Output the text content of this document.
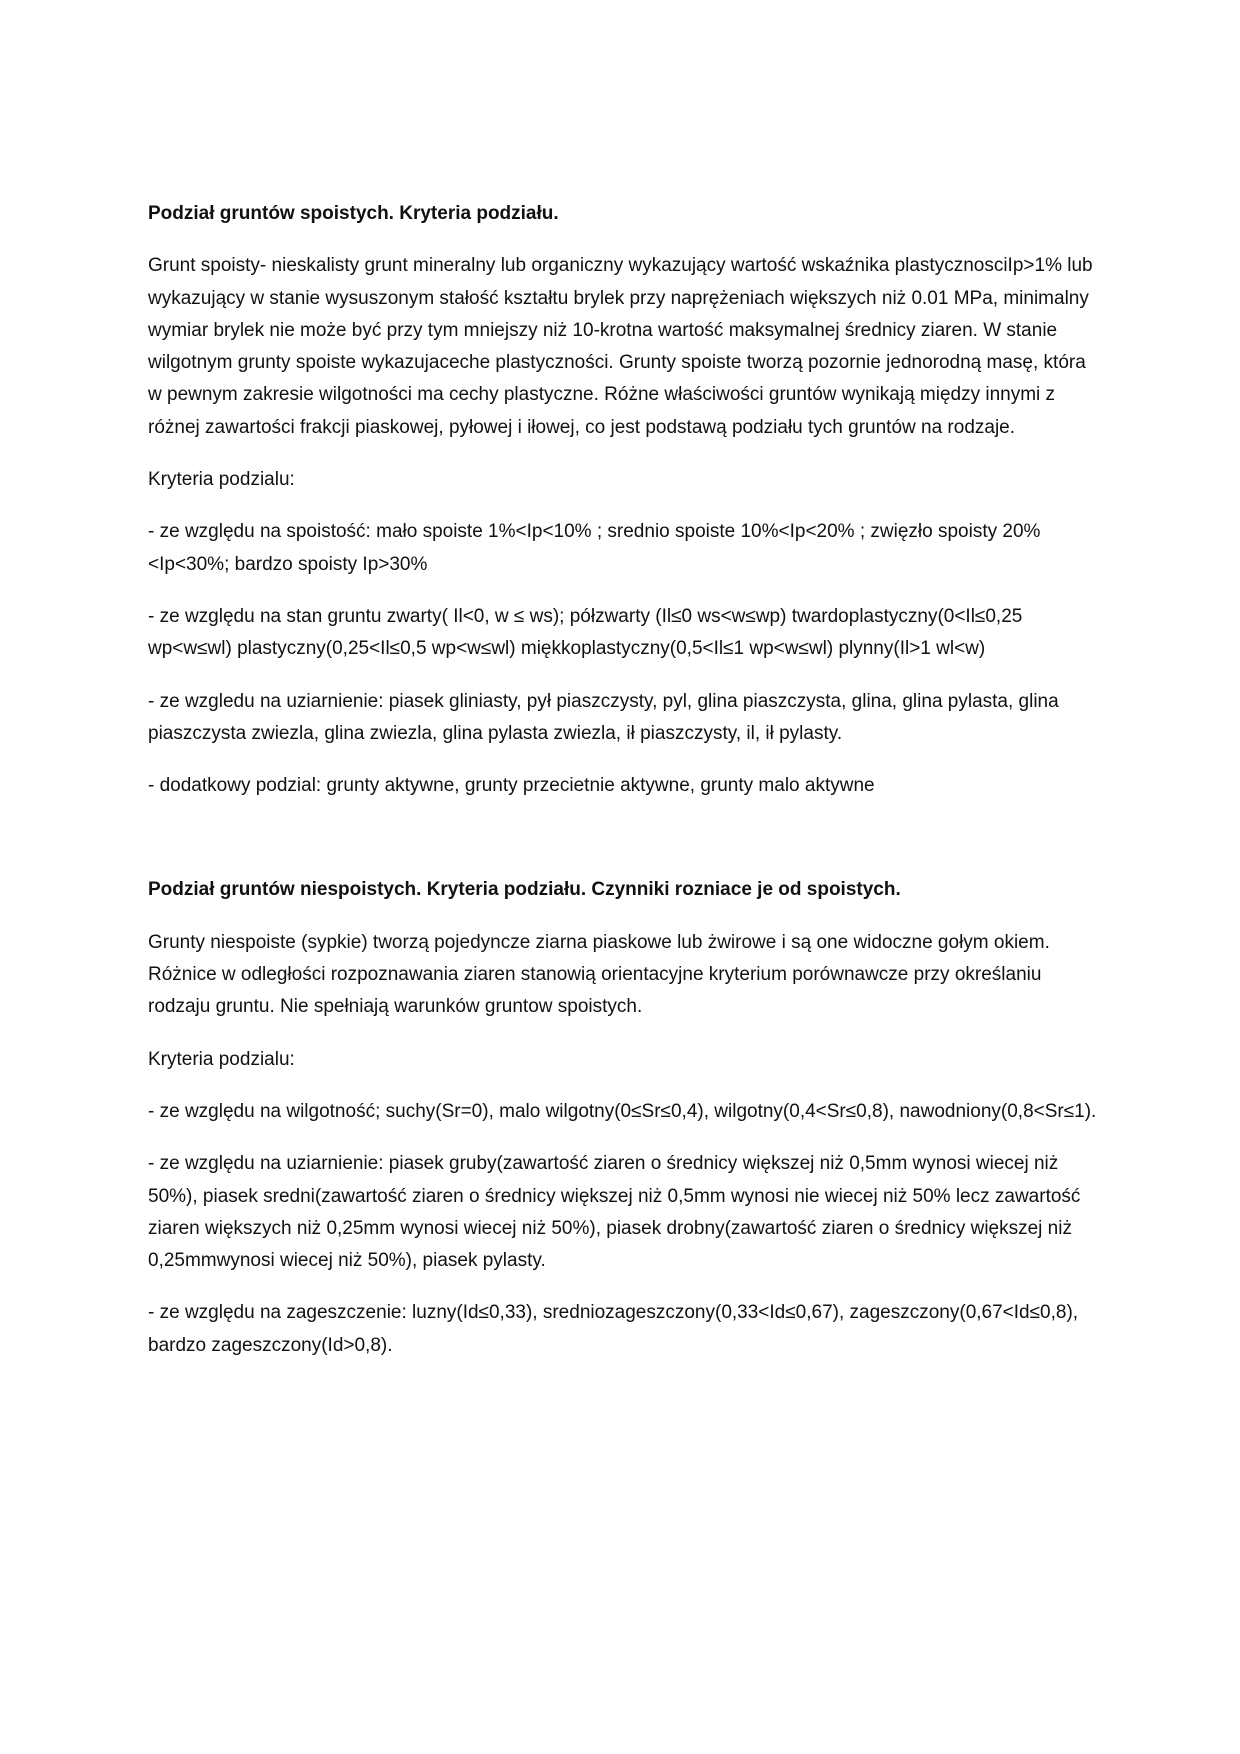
Podział gruntów spoistych. Kryteria podziału.

Grunt spoisty- nieskalisty grunt mineralny lub organiczny wykazujący wartość wskaźnika plastycznosciIp>1% lub wykazujący w stanie wysuszonym stałość kształtu brylek przy naprężeniach większych niż 0.01 MPa, minimalny wymiar brylek nie może być przy tym mniejszy niż 10-krotna wartość maksymalnej średnicy ziaren. W stanie wilgotnym grunty spoiste wykazujaceche plastyczności. Grunty spoiste tworzą pozornie jednorodną masę, która w pewnym zakresie wilgotności ma cechy plastyczne. Różne właściwości gruntów wynikają między innymi z różnej zawartości frakcji piaskowej, pyłowej i iłowej, co jest podstawą podziału tych gruntów na rodzaje.

Kryteria podzialu:

- ze względu na spoistość: mało spoiste 1%<Ip<10% ; srednio spoiste 10%<Ip<20% ; zwięzło spoisty 20%<Ip<30%; bardzo spoisty Ip>30%

- ze względu na stan gruntu zwarty( Il<0, w ≤ ws); półzwarty (Il≤0 ws<w≤wp) twardoplastyczny(0<Il≤0,25 wp<w≤wl) plastyczny(0,25<Il≤0,5 wp<w≤wl) miękkoplastyczny(0,5<Il≤1 wp<w≤wl) plynny(Il>1 wl<w)

- ze wzgledu na uziarnienie: piasek gliniasty, pył piaszczysty, pyl, glina piaszczysta, glina, glina pylasta, glina piaszczysta zwiezla, glina zwiezla, glina pylasta zwiezla, ił piaszczysty, il, ił pylasty.

- dodatkowy podzial: grunty aktywne, grunty przecietnie aktywne, grunty malo aktywne

Podział gruntów niespoistych. Kryteria podziału. Czynniki rozniace je od spoistych.

Grunty niespoiste (sypkie) tworzą pojedyncze ziarna piaskowe lub żwirowe i są one widoczne gołym okiem. Różnice w odległości rozpoznawania ziaren stanowią orientacyjne kryterium porównawcze przy określaniu rodzaju gruntu. Nie spełniają warunków gruntow spoistych.

Kryteria podzialu:

- ze względu na wilgotność; suchy(Sr=0), malo wilgotny(0≤Sr≤0,4), wilgotny(0,4<Sr≤0,8), nawodniony(0,8<Sr≤1).

- ze względu na uziarnienie: piasek gruby(zawartość ziaren o średnicy większej niż 0,5mm wynosi wiecej niż 50%), piasek sredni(zawartość ziaren o średnicy większej niż 0,5mm wynosi nie wiecej niż 50% lecz zawartość ziaren większych niż 0,25mm wynosi wiecej niż 50%), piasek drobny(zawartość ziaren o średnicy większej niż 0,25mmwynosi wiecej niż 50%), piasek pylasty.

- ze względu na zageszczenie: luzny(Id≤0,33), sredniozageszczony(0,33<Id≤0,67), zageszczony(0,67<Id≤0,8), bardzo zageszczony(Id>0,8).
